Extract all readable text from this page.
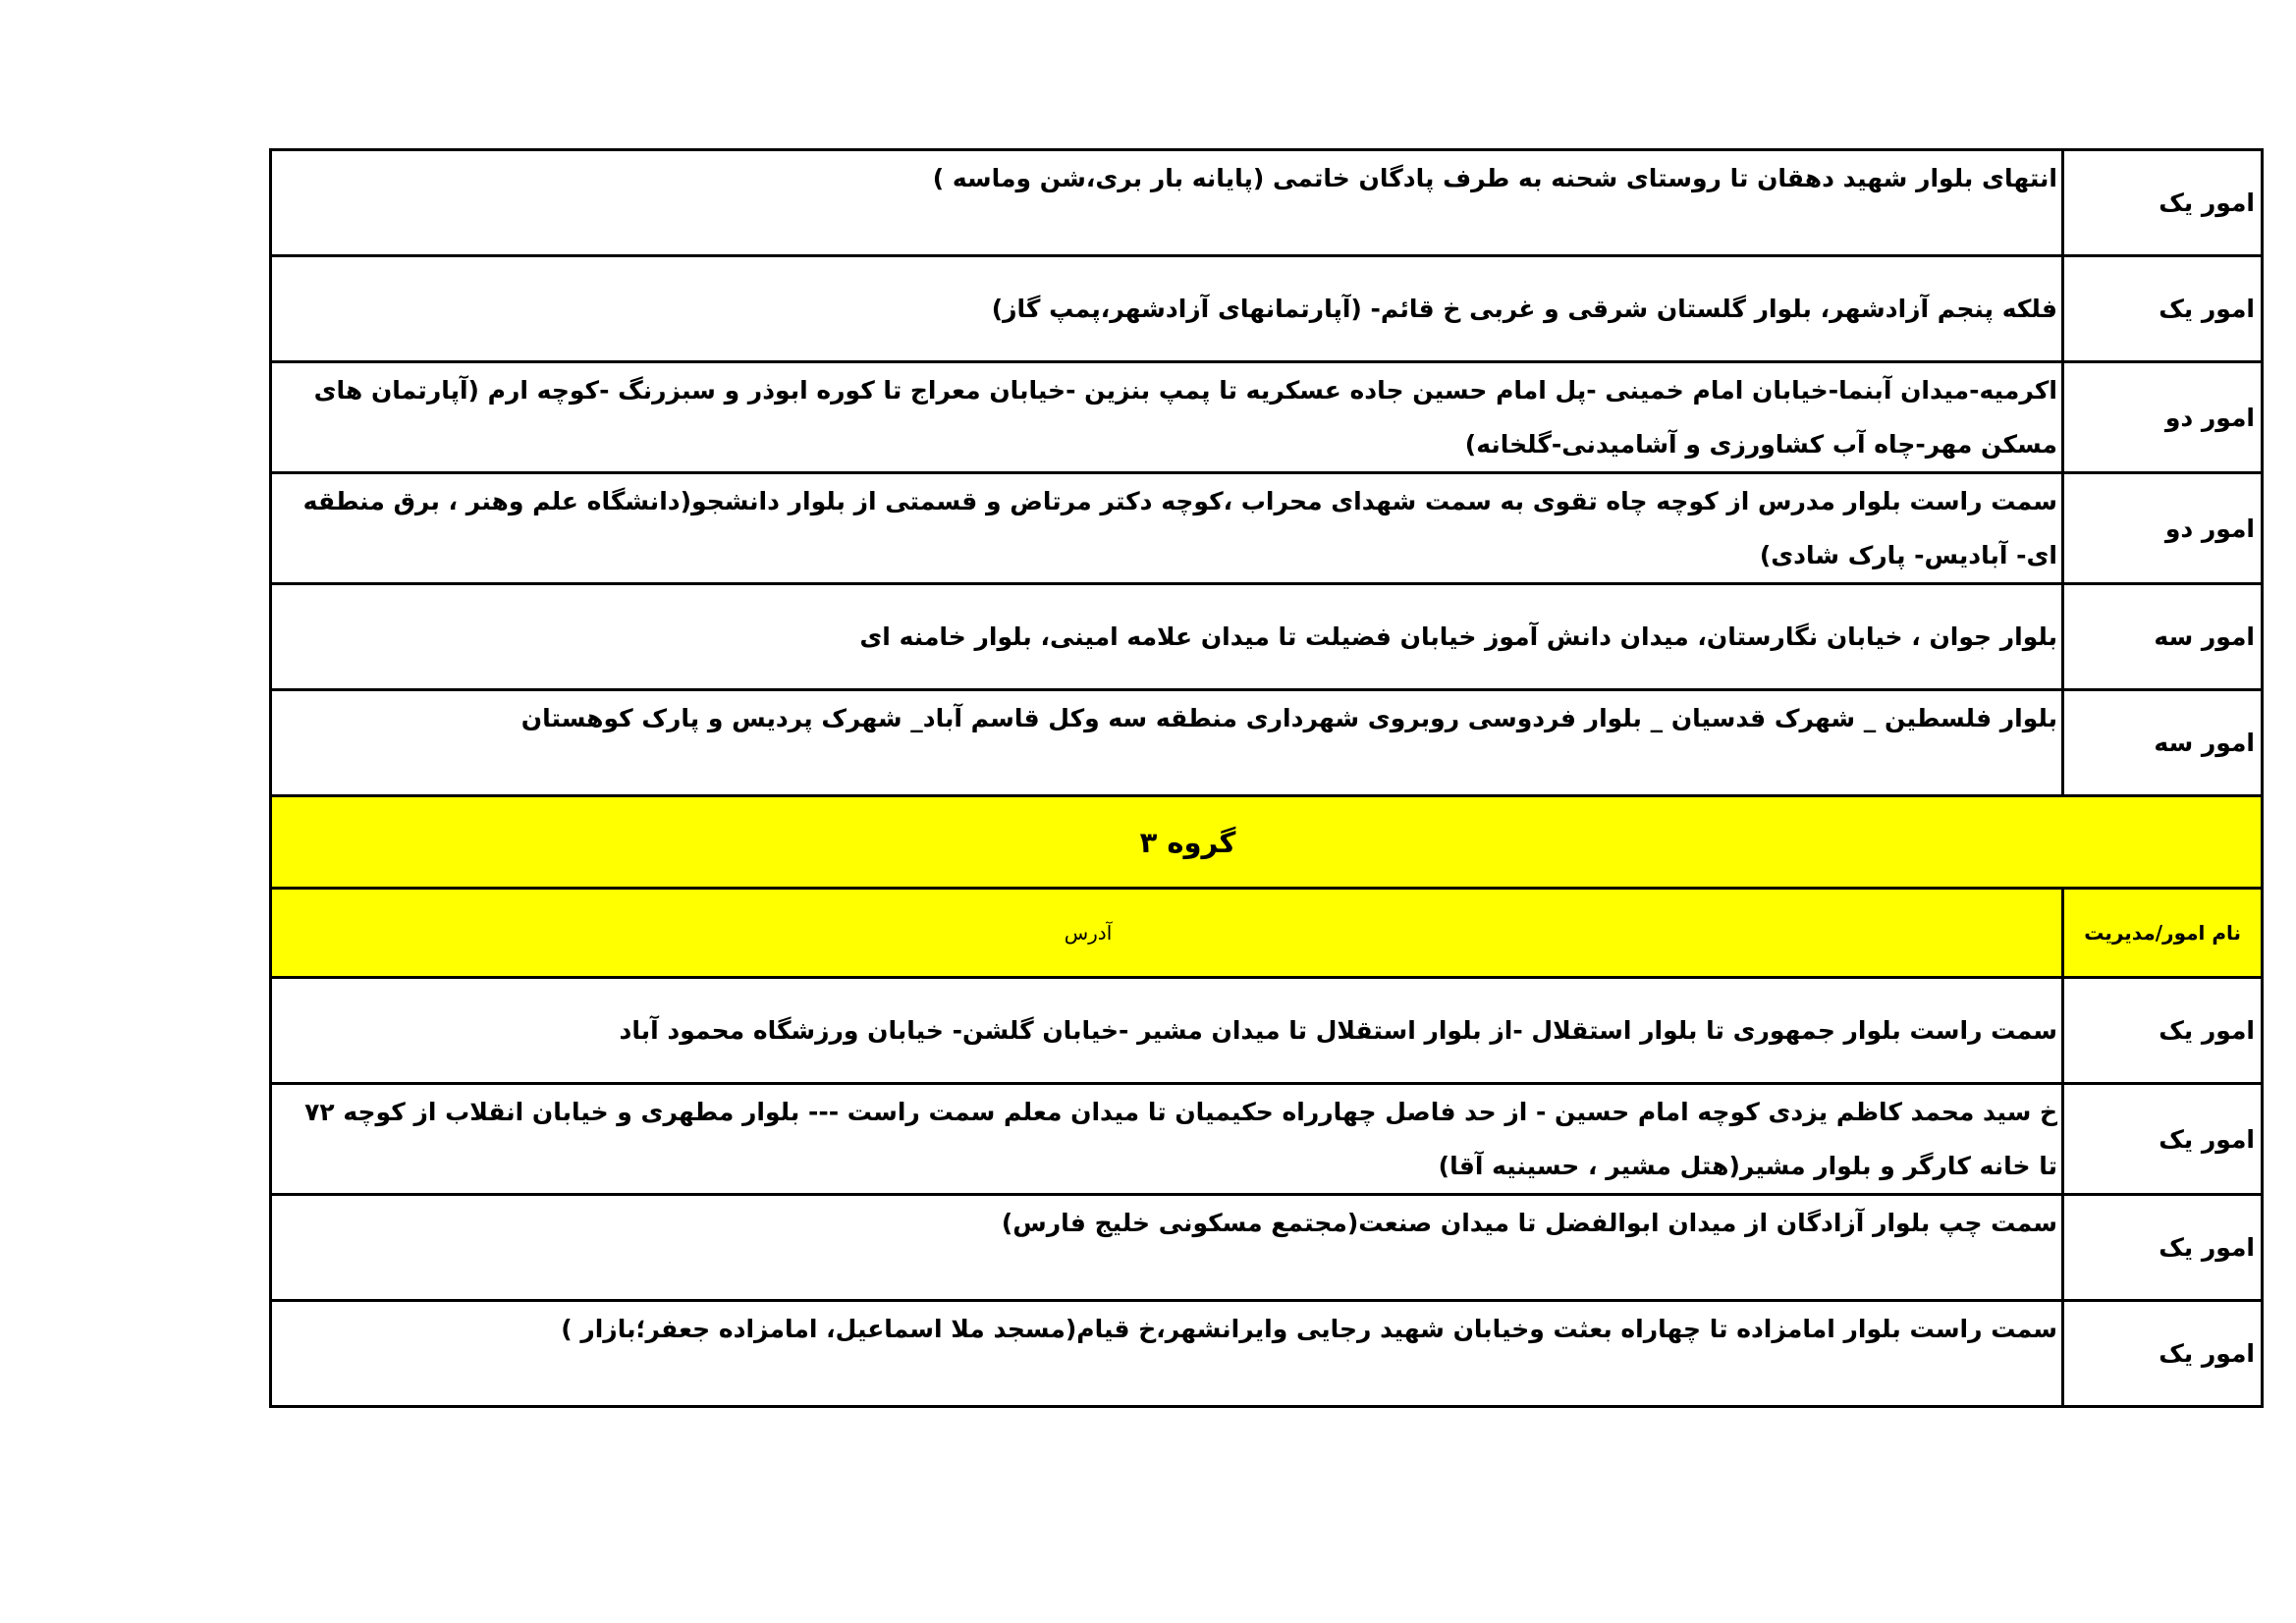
امور یک	انتهای بلوار شهید دهقان تا روستای شحنه به طرف پادگان خاتمی (پایانه بار بری،شن وماسه )
امور یک	فلکه پنجم آزادشهر، بلوار گلستان شرقی و غربی خ قائم- (آپارتمانهای آزادشهر،پمپ گاز)
امور دو	اکرمیه-میدان آبنما-خیابان امام خمینی -پل امام حسین جاده عسکریه تا پمپ بنزین -خیابان معراج تا کوره ابوذر و سبزرنگ -کوچه ارم (آپارتمان های مسکن مهر-چاه آب کشاورزی و آشامیدنی-گلخانه)
امور دو	سمت راست بلوار مدرس از کوچه چاه تقوی به سمت شهدای محراب ،کوچه دکتر مرتاض و قسمتی از بلوار دانشجو(دانشگاه علم وهنر ، برق منطقه ای- آبادیس- پارک شادی)
امور سه	بلوار جوان ، خیابان نگارستان، میدان دانش آموز خیابان فضیلت تا میدان علامه امینی، بلوار خامنه ای
امور سه	بلوار فلسطین _ شهرک قدسیان _ بلوار فردوسی روبروی شهرداری منطقه سه وکل قاسم آباد_ شهرک پردیس و پارک کوهستان
گروه ۳	
نام امور/مدیریت	آدرس
امور یک	سمت راست بلوار جمهوری تا بلوار استقلال -از بلوار استقلال تا میدان مشیر -خیابان گلشن- خیابان ورزشگاه محمود آباد
امور یک	خ سید محمد کاظم یزدی کوچه امام حسین - از حد فاصل چهارراه حکیمیان تا میدان معلم سمت راست --- بلوار مطهری و خیابان انقلاب از کوچه ۷۲ تا خانه کارگر و بلوار مشیر(هتل مشیر ، حسینیه آقا)
امور یک	سمت چپ بلوار آزادگان از میدان ابوالفضل تا میدان صنعت(مجتمع مسکونی خلیج فارس)
امور یک	سمت راست بلوار امامزاده تا چهاراه بعثت وخیابان شهید رجایی وایرانشهر،خ قیام(مسجد ملا اسماعیل، امامزاده جعفر؛بازار )
